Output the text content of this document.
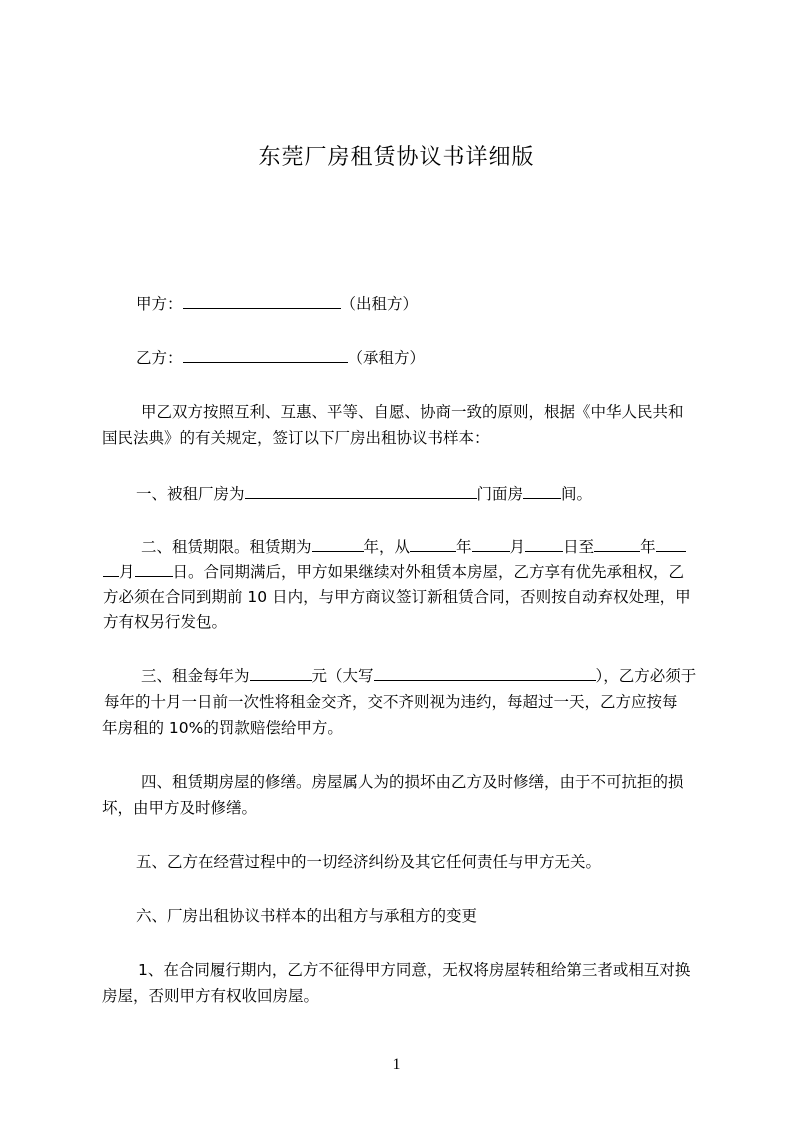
东莞厂房租赁协议书详细版
甲方：	（出租方）
乙方：	（承租方）
甲乙双方按照互利、互惠、平等、自愿、协商一致的原则，根据《中华人民共和
国民法典》的有关规定，签订以下厂房出租协议书样本：
一、被租厂房为	门面房 间。
二、租赁期限。租赁期为	年，从	年 月 日至	年
月 日。合同期满后，甲方如果继续对外租赁本房屋，乙方享有优先承租权，乙
方必须在合同到期前 10 日内，与甲方商议签订新租赁合同，否则按自动弃权处理，甲
方有权另行发包。
三、租金每年为	元（大写	），乙方必须于
每年的十月一日前一次性将租金交齐，交不齐则视为违约，每超过一天，乙方应按每
年房租的 10%的罚款赔偿给甲方。
四、租赁期房屋的修缮。房屋属人为的损坏由乙方及时修缮，由于不可抗拒的损
坏，由甲方及时修缮。
五、乙方在经营过程中的一切经济纠纷及其它任何责任与甲方无关。
六、厂房出租协议书样本的出租方与承租方的变更
1、在合同履行期内，乙方不征得甲方同意，无权将房屋转租给第三者或相互对换
房屋，否则甲方有权收回房屋。
1
